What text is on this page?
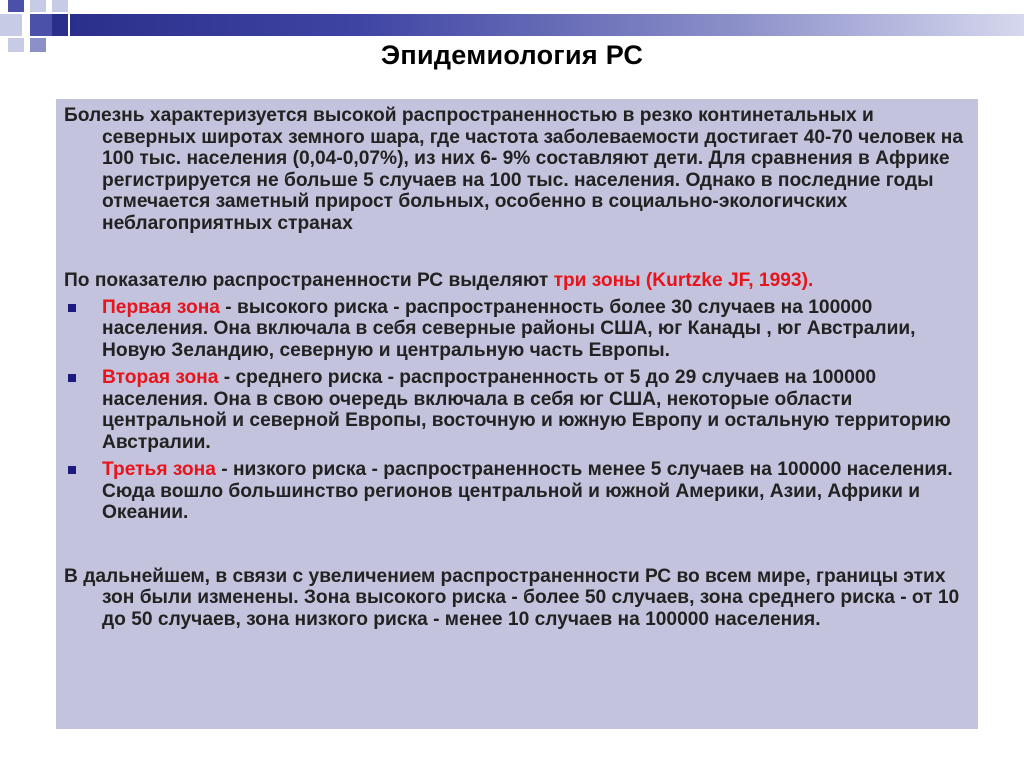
Эпидемиология РС

Болезнь характеризуется высокой распространенностью в резко континетальных и северных широтах земного шара, где частота заболеваемости достигает 40-70 человек на 100 тыс. населения (0,04-0,07%), из них 6- 9% составляют дети. Для сравнения в Африке регистрируется не больше 5 случаев на 100 тыс. населения. Однако в последние годы отмечается заметный прирост больных, особенно в социально-экологичских неблагоприятных странах

По показателю распространенности РС выделяют три зоны (Kurtzke JF, 1993).

Первая зона - высокого риска - распространенность более 30 случаев на 100000 населения. Она включала в себя северные районы США, юг Канады , юг Австралии, Новую Зеландию, северную и центральную часть Европы.
Вторая зона - среднего риска - распространенность от 5 до 29 случаев на 100000 населения. Она в свою очередь включала в себя юг США, некоторые области центральной и северной Европы, восточную и южную Европу и остальную территорию Австралии.
Третья зона - низкого риска - распространенность менее 5 случаев на 100000 населения. Сюда вошло большинство регионов центральной и южной Америки, Азии, Африки и Океании.

В дальнейшем, в связи с увеличением распространенности РС во всем мире, границы этих зон были изменены. Зона высокого риска - более 50 случаев, зона среднего риска - от 10 до 50 случаев, зона низкого риска - менее 10 случаев на 100000 населения.
